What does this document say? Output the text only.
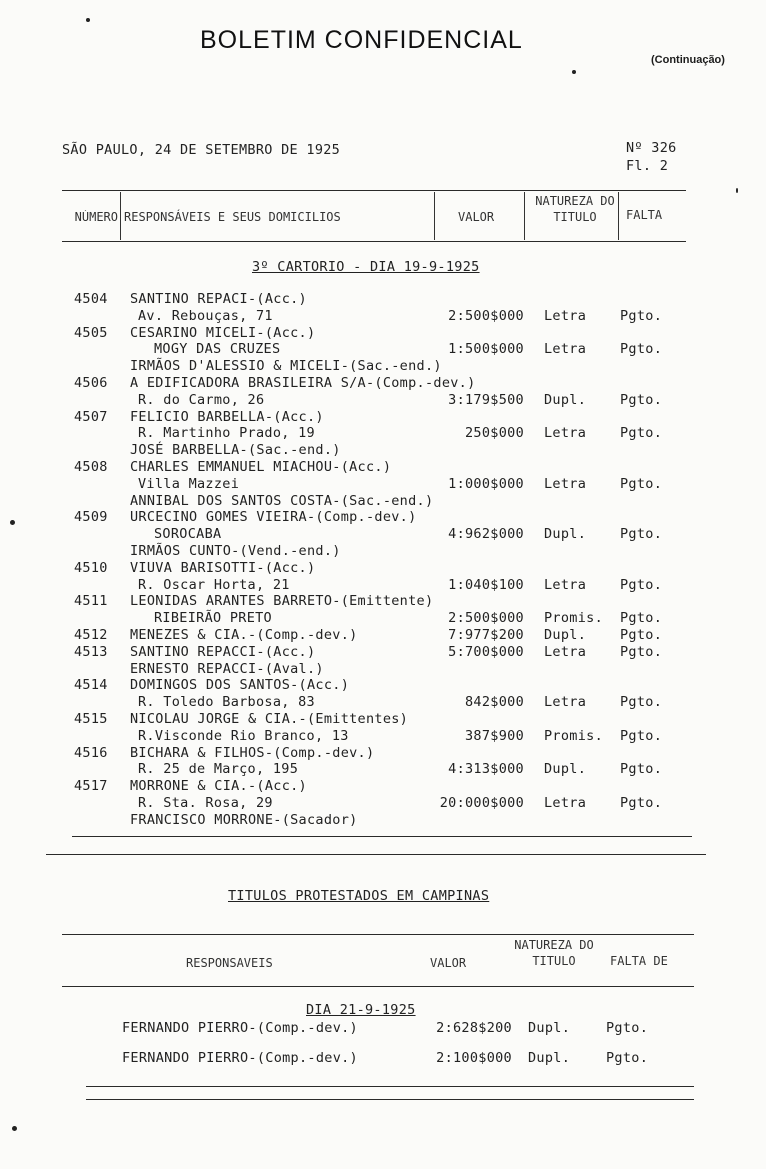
BOLETIM CONFIDENCIAL
(Continuação)
SÃO PAULO, 24 DE SETEMBRO DE 1925	Nº 326
Fl. 2
NÚMERO RESPONSÁVEIS E SEUS DOMICILIOS	VALOR
NATUREZA DO TITULO	FALTA
3º CARTORIO - DIA 19-9-1925
4504 SANTINO REPACI-(Acc.)
Av. Rebouças, 71	2:500$000 Letra	Pgto.
4505 CESARINO MICELI-(Acc.)
MOGY DAS CRUZES	1:500$000 Letra	Pgto.
IRMÃOS D'ALESSIO & MICELI-(Sac.-end.)
4506 A EDIFICADORA BRASILEIRA S/A-(Comp.-dev.)
R. do Carmo, 26	3:179$500 Dupl.	Pgto.
4507 FELICIO BARBELLA-(Acc.)
R. Martinho Prado, 19	250$000 Letra	Pgto.
JOSÉ BARBELLA-(Sac.-end.)
4508 CHARLES EMMANUEL MIACHOU-(Acc.)
Villa Mazzei	1:000$000 Letra	Pgto.
ANNIBAL DOS SANTOS COSTA-(Sac.-end.)
4509 URCECINO GOMES VIEIRA-(Comp.-dev.)
SOROCABA	4:962$000 Dupl.	Pgto.
IRMÃOS CUNTO-(Vend.-end.)
4510 VIUVA BARISOTTI-(Acc.)
R. Oscar Horta, 21	1:040$100 Letra	Pgto.
4511 LEONIDAS ARANTES BARRETO-(Emittente)
RIBEIRÃO PRETO	2:500$000 Promis. Pgto.
4512 MENEZES & CIA.-(Comp.-dev.)	7:977$200 Dupl.	Pgto.
4513 SANTINO REPACCI-(Acc.)	5:700$000 Letra	Pgto.
ERNESTO REPACCI-(Aval.)
4514 DOMINGOS DOS SANTOS-(Acc.)
R. Toledo Barbosa, 83	842$000 Letra	Pgto.
4515 NICOLAU JORGE & CIA.-(Emittentes)
R.Visconde Rio Branco, 13	387$900 Promis. Pgto.
4516 BICHARA & FILHOS-(Comp.-dev.)
R. 25 de Março, 195	4:313$000 Dupl.	Pgto.
4517 MORRONE & CIA.-(Acc.)
R. Sta. Rosa, 29	20:000$000 Letra	Pgto.
FRANCISCO MORRONE-(Sacador)
TITULOS PROTESTADOS EM CAMPINAS
RESPONSAVEIS	VALOR
NATUREZA DO TITULO	FALTA DE
DIA 21-9-1925
FERNANDO PIERRO-(Comp.-dev.)	2:628$200 Dupl.	Pgto.
FERNANDO PIERRO-(Comp.-dev.)	2:100$000 Dupl.	Pgto.
